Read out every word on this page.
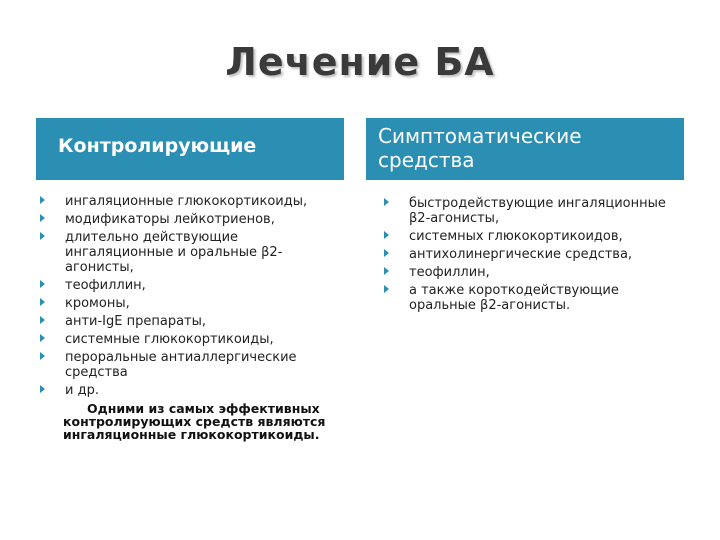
Лечение БА
Контролирующие	Симптоматические
средства
ингаляционные глюкокортикоиды,
модификаторы лейкотриенов,
длительно действующие ингаляционные и оральные β2-агонисты,
теофиллин,
кромоны,
анти-IgE препараты,
системные глюкокортикоиды,
пероральные антиаллергические средства
и др.
Одними из самых эффективных контролирующих средств являются ингаляционные глюкокортикоиды.
быстродействующие ингаляционные β2-агонисты,
системных глюкокортикоидов,
антихолинергические средства,
теофиллин,
а также короткодействующие оральные β2-агонисты.
